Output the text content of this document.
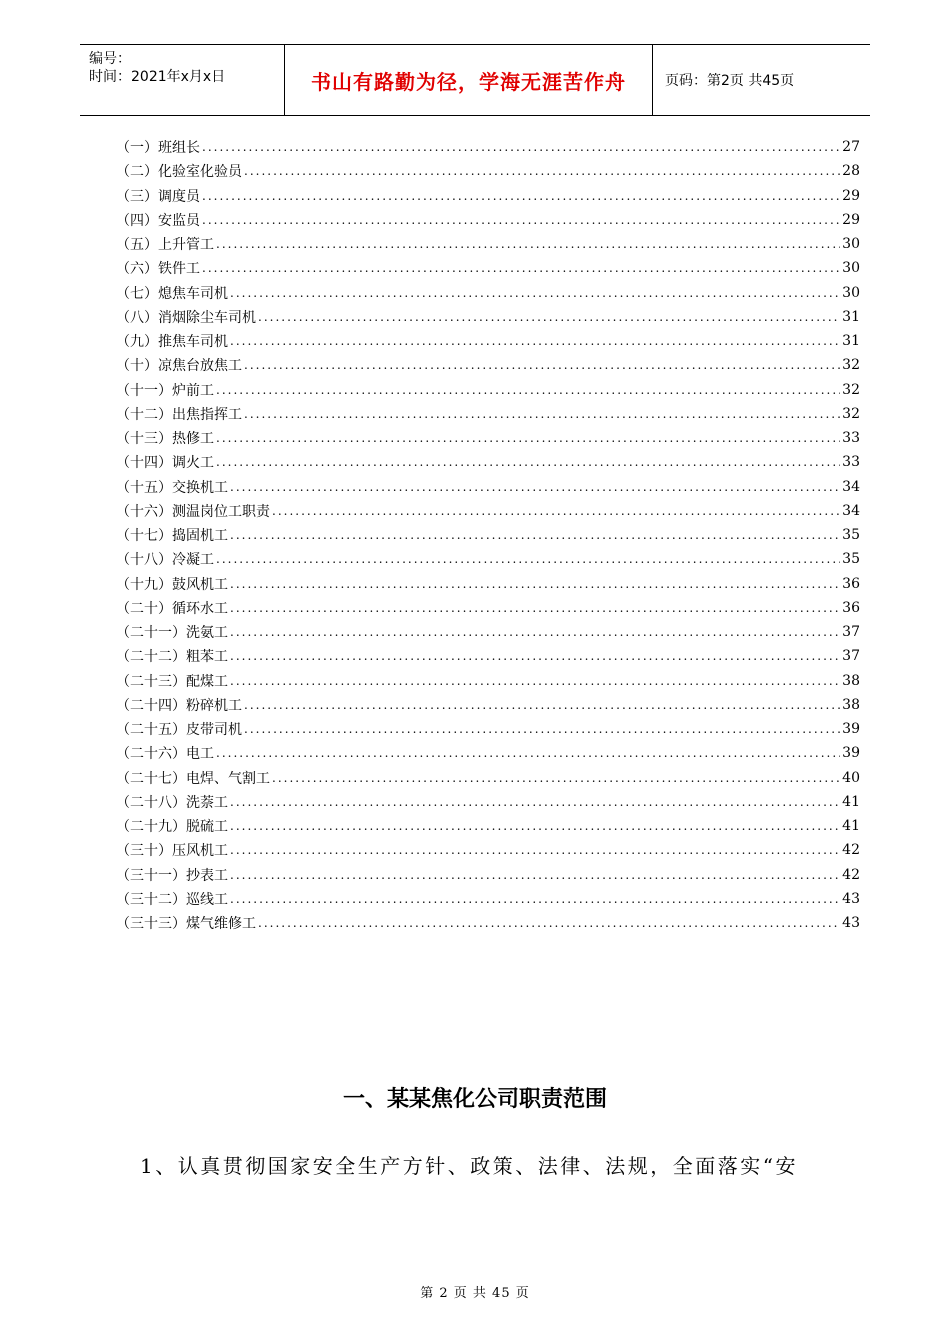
编号：
时间：2021年x月x日	书山有路勤为径，学海无涯苦作舟	页码：第2页 共45页
（一）班组长 .....	27
（二）化验室化验员 .....	28
（三）调度员 .....	29
（四）安监员 .....	29
（五）上升管工 .....	30
（六）铁件工 .....	30
（七）熄焦车司机 .....	30
（八）消烟除尘车司机 .....	31
（九）推焦车司机 .....	31
（十）凉焦台放焦工 .....	32
（十一）炉前工 .....	32
（十二）出焦指挥工 .....	32
（十三）热修工 .....	33
（十四）调火工 .....	33
（十五）交换机工 .....	34
（十六）测温岗位工职责 .....	34
（十七）捣固机工 .....	35
（十八）冷凝工 .....	35
（十九）鼓风机工 .....	36
（二十）循环水工 .....	36
（二十一）洗氨工 .....	37
（二十二）粗苯工 .....	37
（二十三）配煤工 .....	38
（二十四）粉碎机工 .....	38
（二十五）皮带司机 .....	39
（二十六）电工 .....	39
（二十七）电焊、气割工 .....	40
（二十八）洗萘工 .....	41
（二十九）脱硫工 .....	41
（三十）压风机工 .....	42
（三十一）抄表工 .....	42
（三十二）巡线工 .....	43
（三十三）煤气维修工 .....	43
一、某某焦化公司职责范围
1、认真贯彻国家安全生产方针、政策、法律、法规，全面落实“安
第 2 页 共 45 页
